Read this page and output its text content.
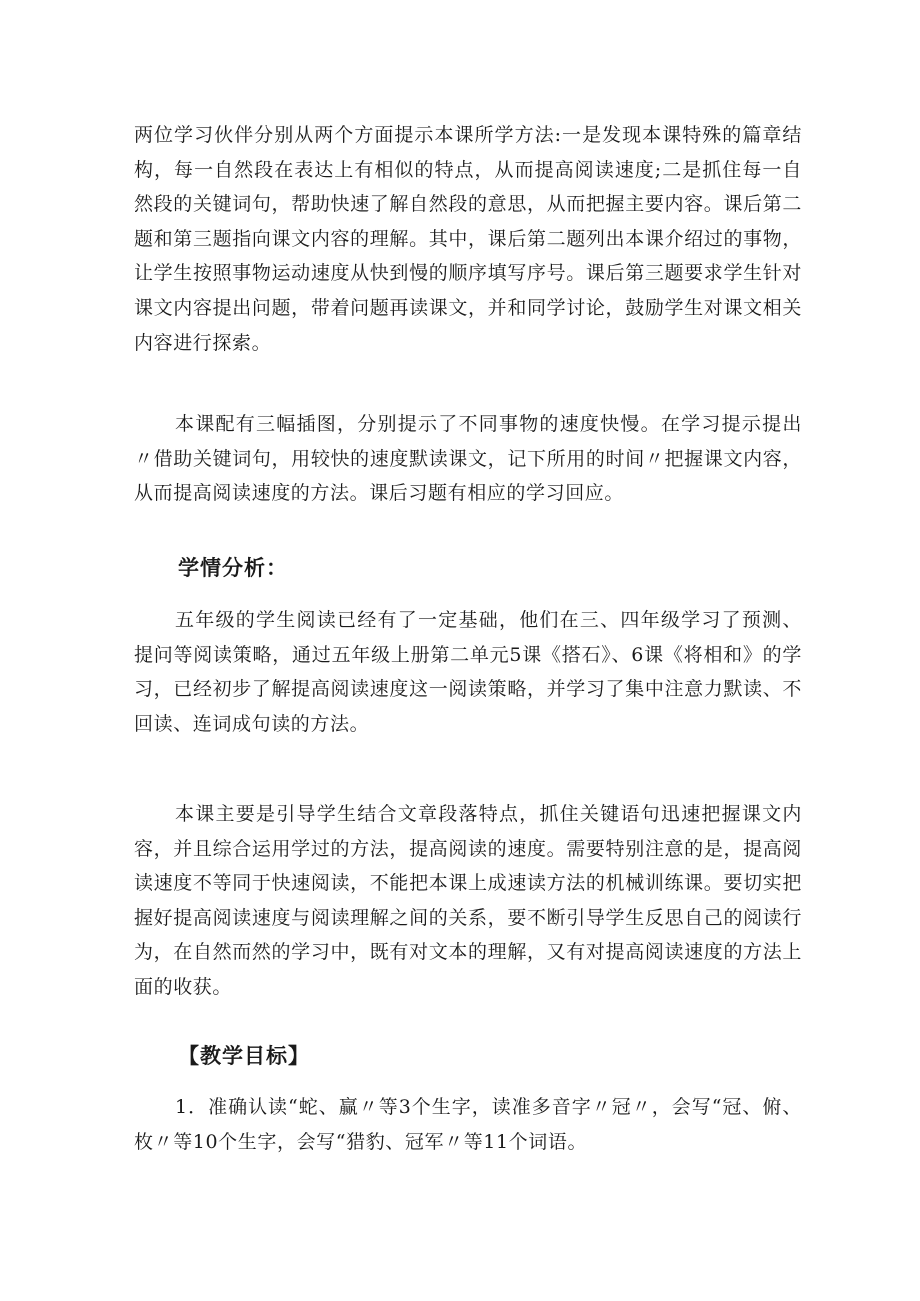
两位学习伙伴分别从两个方面提示本课所学方法:一是发现本课特殊的篇章结构，每一自然段在表达上有相似的特点，从而提高阅读速度;二是抓住每一自然段的关键词句，帮助快速了解自然段的意思，从而把握主要内容。课后第二题和第三题指向课文内容的理解。其中，课后第二题列出本课介绍过的事物，让学生按照事物运动速度从快到慢的顺序填写序号。课后第三题要求学生针对课文内容提出问题，带着问题再读课文，并和同学讨论，鼓励学生对课文相关内容进行探索。

本课配有三幅插图，分别提示了不同事物的速度快慢。在学习提示提出〃借助关键词句，用较快的速度默读课文，记下所用的时间〃把握课文内容，从而提高阅读速度的方法。课后习题有相应的学习回应。

学情分析：

五年级的学生阅读已经有了一定基础，他们在三、四年级学习了预测、提问等阅读策略，通过五年级上册第二单元5课《搭石》、6课《将相和》的学习，已经初步了解提高阅读速度这一阅读策略，并学习了集中注意力默读、不回读、连词成句读的方法。

本课主要是引导学生结合文章段落特点，抓住关键语句迅速把握课文内容，并且综合运用学过的方法，提高阅读的速度。需要特别注意的是，提高阅读速度不等同于快速阅读，不能把本课上成速读方法的机械训练课。要切实把握好提高阅读速度与阅读理解之间的关系，要不断引导学生反思自己的阅读行为，在自然而然的学习中，既有对文本的理解，又有对提高阅读速度的方法上面的收获。

【教学目标】

1．准确认读“蛇、赢〃等3个生字，读准多音字〃冠〃，会写“冠、俯、枚〃等10个生字，会写“猎豹、冠军〃等11个词语。
